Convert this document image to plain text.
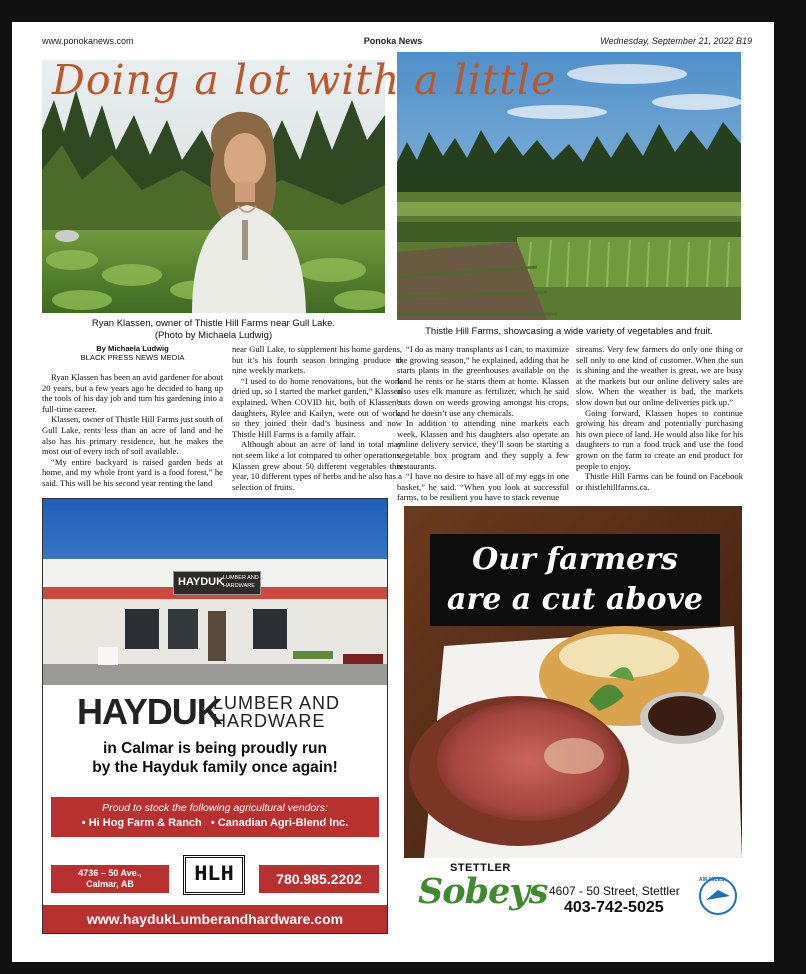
www.ponokanews.com	Ponoka News	Wednesday, September 21, 2022 B19
Doing a lot with a little
Ryan Klassen, owner of Thistle Hill Farms near Gull Lake.
(Photo by Michaela Ludwig)	Thistle Hill Farms, showcasing a wide variety of vegetables and fruit.
By Michaela Ludwig
BLACK PRESS NEWS MEDIA

Ryan Klassen has been an avid gardener for about 20 years, but a few years ago he decided to hang up the tools of his day job and turn his gardening into a full-time career.

Klassen, owner of Thistle Hill Farms just south of Gull Lake, rents less than an acre of land and he also has his primary residence, but he makes the most out of every inch of soil available.

“My entire backyard is raised garden beds at home, and my whole front yard is a food forest,” he said. This will be his second year renting the land

near Gull Lake, to supplement his home gardens, but it’s his fourth season bringing produce to nine weekly markets.

“I used to do home renovations, but the work dried up, so I started the market garden,” Klassen explained. When COVID hit, both of Klassen’s daughters, Rylee and Kailyn, were out of work, so they joined their dad’s business and now Thistle Hill Farms is a family affair.

Although about an acre of land in total may not seem like a lot compared to other operations, Klassen grew about 50 different vegetables this year, 10 different types of herbs and he also has a selection of fruits.

“I do as many transplants as I can, to maximize the growing season,” he explained, adding that he starts plants in the greenhouses available on the land he rents or he starts them at home. Klassen also uses elk manure as fertilizer, which he said cuts down on weeds growing amongst his crops, and he doesn’t use any chemicals.

In addition to attending nine markets each week, Klassen and his daughters also operate an online delivery service, they’ll soon be starting a vegetable box program and they supply a few restaurants.

“I have no desire to have all of my eggs in one basket,” he said. “When you look at successful farms, to be resilient you have to stack revenue

streams. Very few farmers do only one thing or sell only to one kind of customer. When the sun is shining and the weather is great, we are busy at the markets but our online delivery sales are slow. When the weather is bad, the markets slow down but our online deliveries pick up.”

Going forward, Klassen hopes to continue growing his dream and potentially purchasing his own piece of land. He would also like for his daughters to run a food truck and use the food grown on the farm to create an end product for people to enjoy.

Thistle Hill Farms can be found on Facebook or thistlehillfarms.ca.

HAYDUK
LUMBER AND
HARDWARE
HAYDUK
LUMBER AND
HARDWARE
in Calmar is being proudly run
by the Hayduk family once again!
Proud to stock the following agricultural vendors:
• Hi Hog Farm & Ranch   • Canadian Agri-Blend Inc.
4736 – 50 Ave.,
Calmar, AB	HLH	780.985.2202
www.haydukLumberandhardware.com
Our farmers
are a cut above
STETTLER
Sobeys 4607 - 50 Street, Stettler
403-742-5025
AIR MILES
